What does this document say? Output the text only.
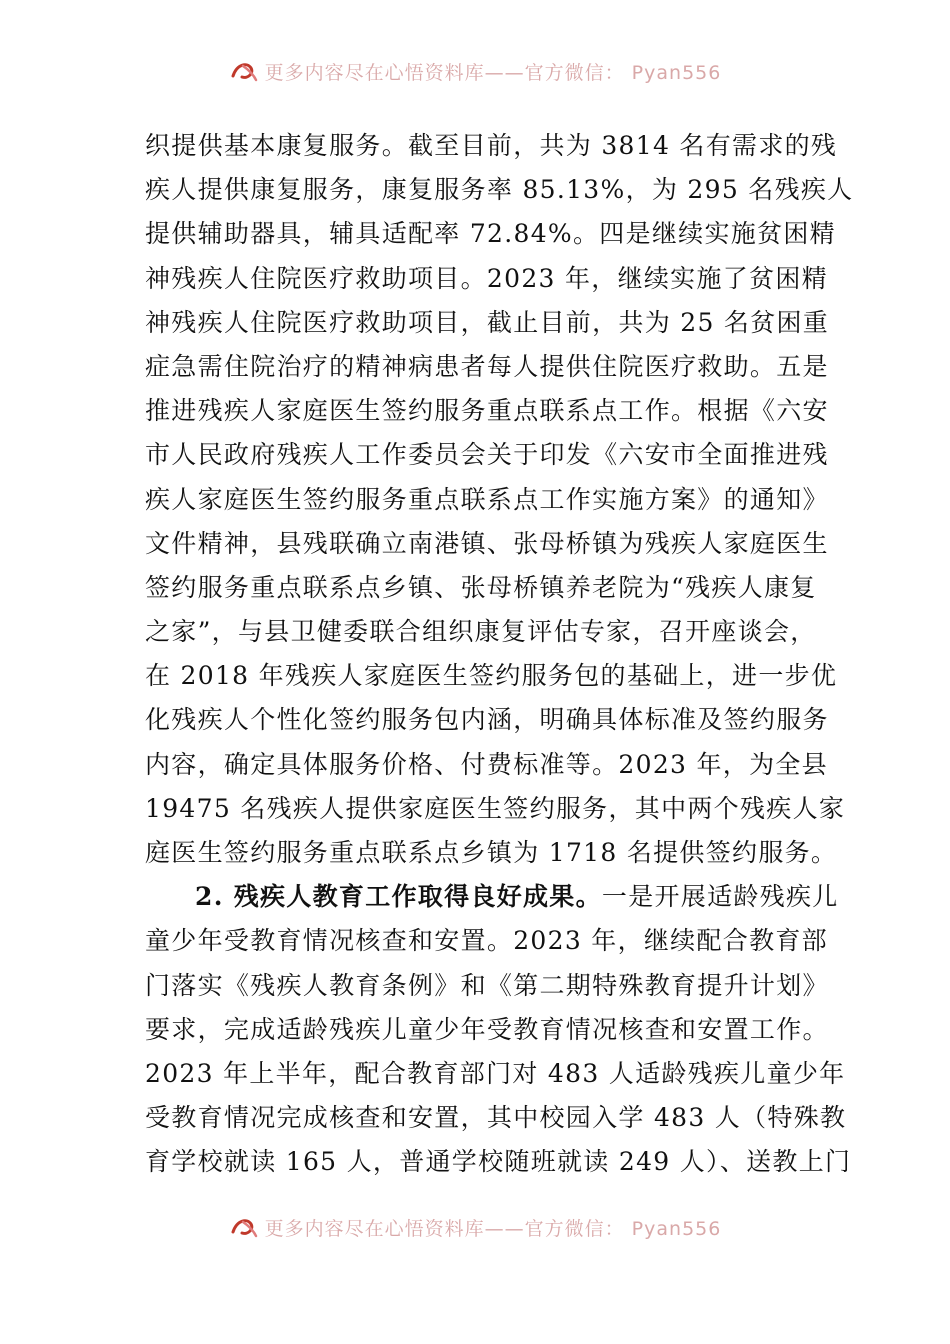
更多内容尽在心悟资料库——官方微信： Pyan556
织提供基本康复服务。截至目前，共为 3814 名有需求的残
疾人提供康复服务，康复服务率 85.13%，为 295 名残疾人
提供辅助器具，辅具适配率 72.84%。四是继续实施贫困精
神残疾人住院医疗救助项目。2023 年，继续实施了贫困精
神残疾人住院医疗救助项目，截止目前，共为 25 名贫困重
症急需住院治疗的精神病患者每人提供住院医疗救助。五是
推进残疾人家庭医生签约服务重点联系点工作。根据《六安
市人民政府残疾人工作委员会关于印发《六安市全面推进残
疾人家庭医生签约服务重点联系点工作实施方案》的通知》
文件精神，县残联确立南港镇、张母桥镇为残疾人家庭医生
签约服务重点联系点乡镇、张母桥镇养老院为“残疾人康复
之家”，与县卫健委联合组织康复评估专家，召开座谈会，
在 2018 年残疾人家庭医生签约服务包的基础上，进一步优
化残疾人个性化签约服务包内涵，明确具体标准及签约服务
内容，确定具体服务价格、付费标准等。2023 年，为全县
19475 名残疾人提供家庭医生签约服务，其中两个残疾人家
庭医生签约服务重点联系点乡镇为 1718 名提供签约服务。
2. 残疾人教育工作取得良好成果。一是开展适龄残疾儿
童少年受教育情况核查和安置。2023 年，继续配合教育部
门落实《残疾人教育条例》和《第二期特殊教育提升计划》
要求，完成适龄残疾儿童少年受教育情况核查和安置工作。
2023 年上半年，配合教育部门对 483 人适龄残疾儿童少年
受教育情况完成核查和安置，其中校园入学 483 人（特殊教
育学校就读 165 人，普通学校随班就读 249 人）、送教上门
更多内容尽在心悟资料库——官方微信： Pyan556
